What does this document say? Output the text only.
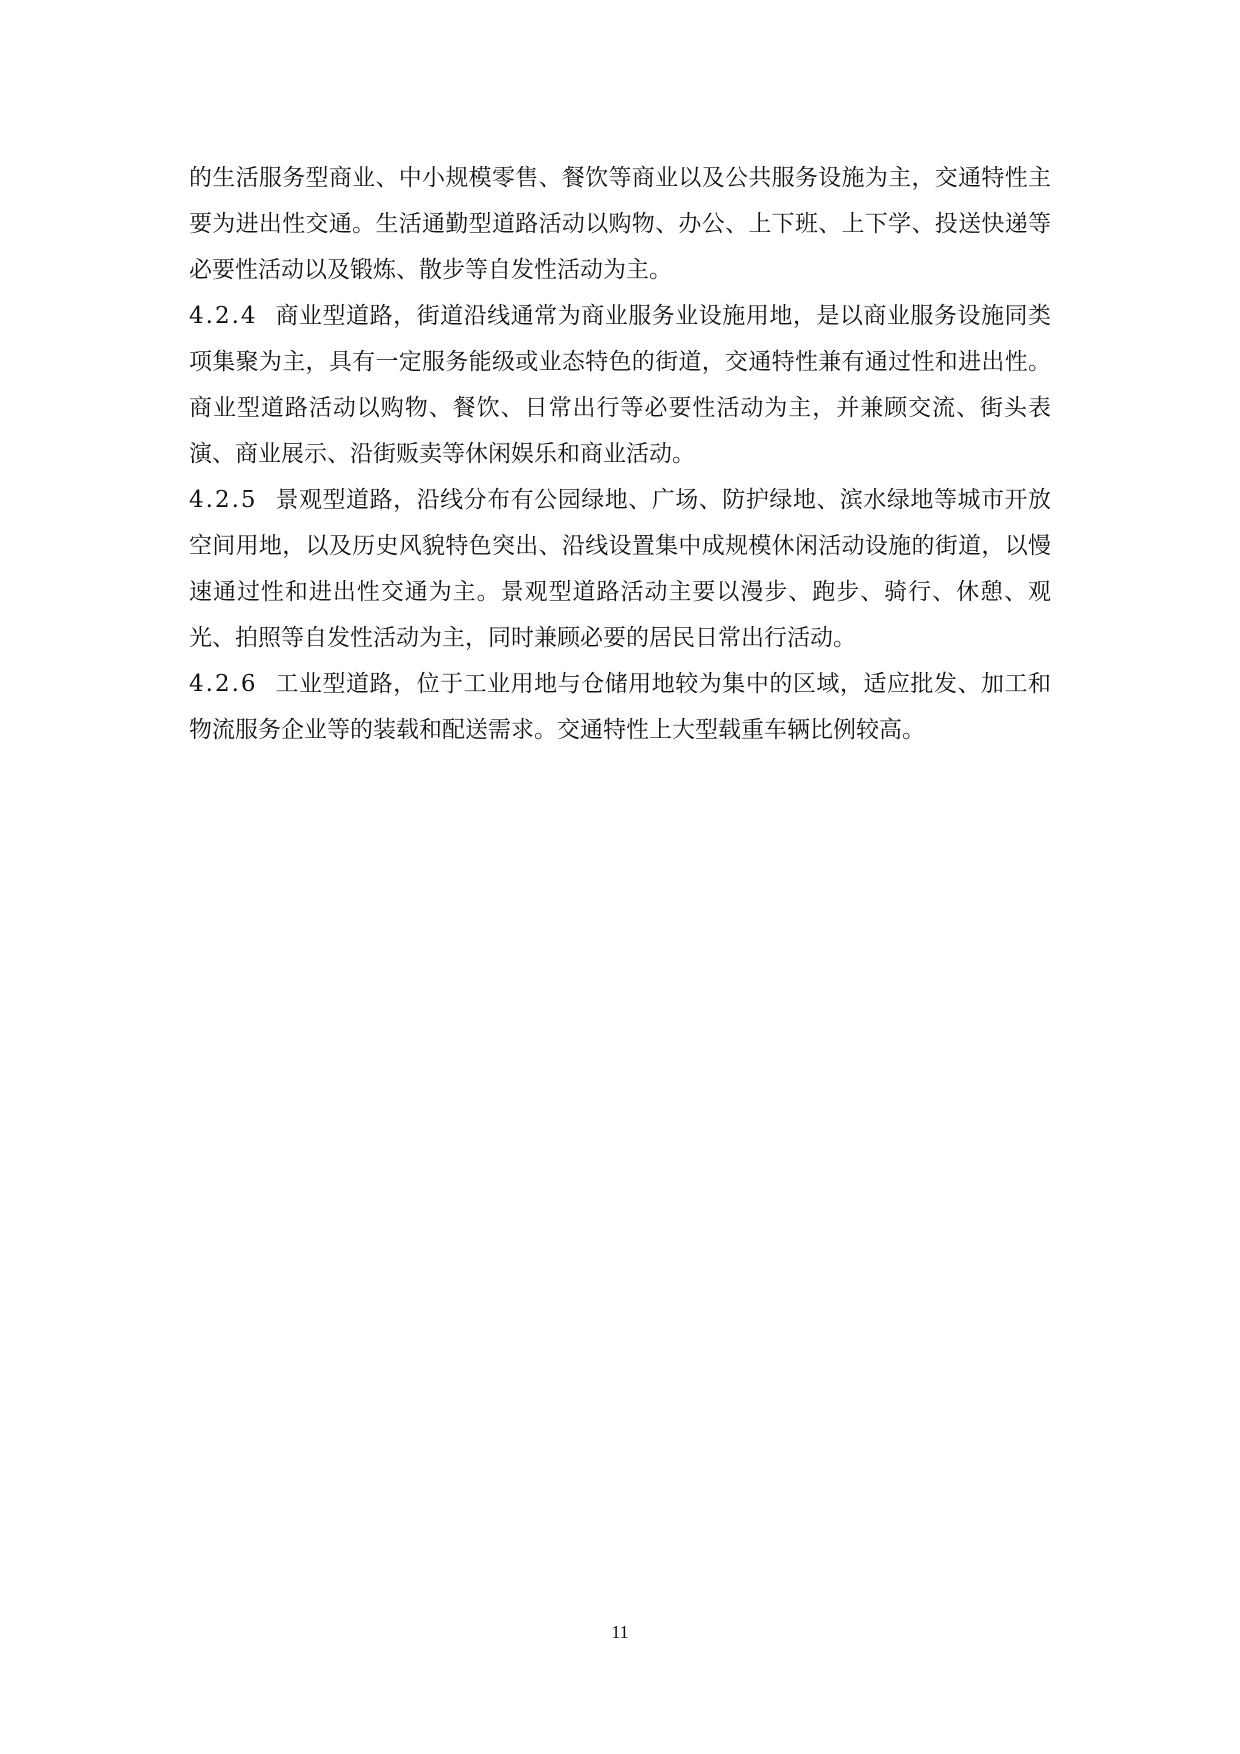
的生活服务型商业、中小规模零售、餐饮等商业以及公共服务设施为主，交通特性主要为进出性交通。生活通勤型道路活动以购物、办公、上下班、上下学、投送快递等必要性活动以及锻炼、散步等自发性活动为主。

4.2.4 商业型道路，街道沿线通常为商业服务业设施用地，是以商业服务设施同类项集聚为主，具有一定服务能级或业态特色的街道，交通特性兼有通过性和进出性。商业型道路活动以购物、餐饮、日常出行等必要性活动为主，并兼顾交流、街头表演、商业展示、沿街贩卖等休闲娱乐和商业活动。

4.2.5 景观型道路，沿线分布有公园绿地、广场、防护绿地、滨水绿地等城市开放空间用地，以及历史风貌特色突出、沿线设置集中成规模休闲活动设施的街道，以慢速通过性和进出性交通为主。景观型道路活动主要以漫步、跑步、骑行、休憩、观光、拍照等自发性活动为主，同时兼顾必要的居民日常出行活动。

4.2.6 工业型道路，位于工业用地与仓储用地较为集中的区域，适应批发、加工和物流服务企业等的装载和配送需求。交通特性上大型载重车辆比例较高。

11
